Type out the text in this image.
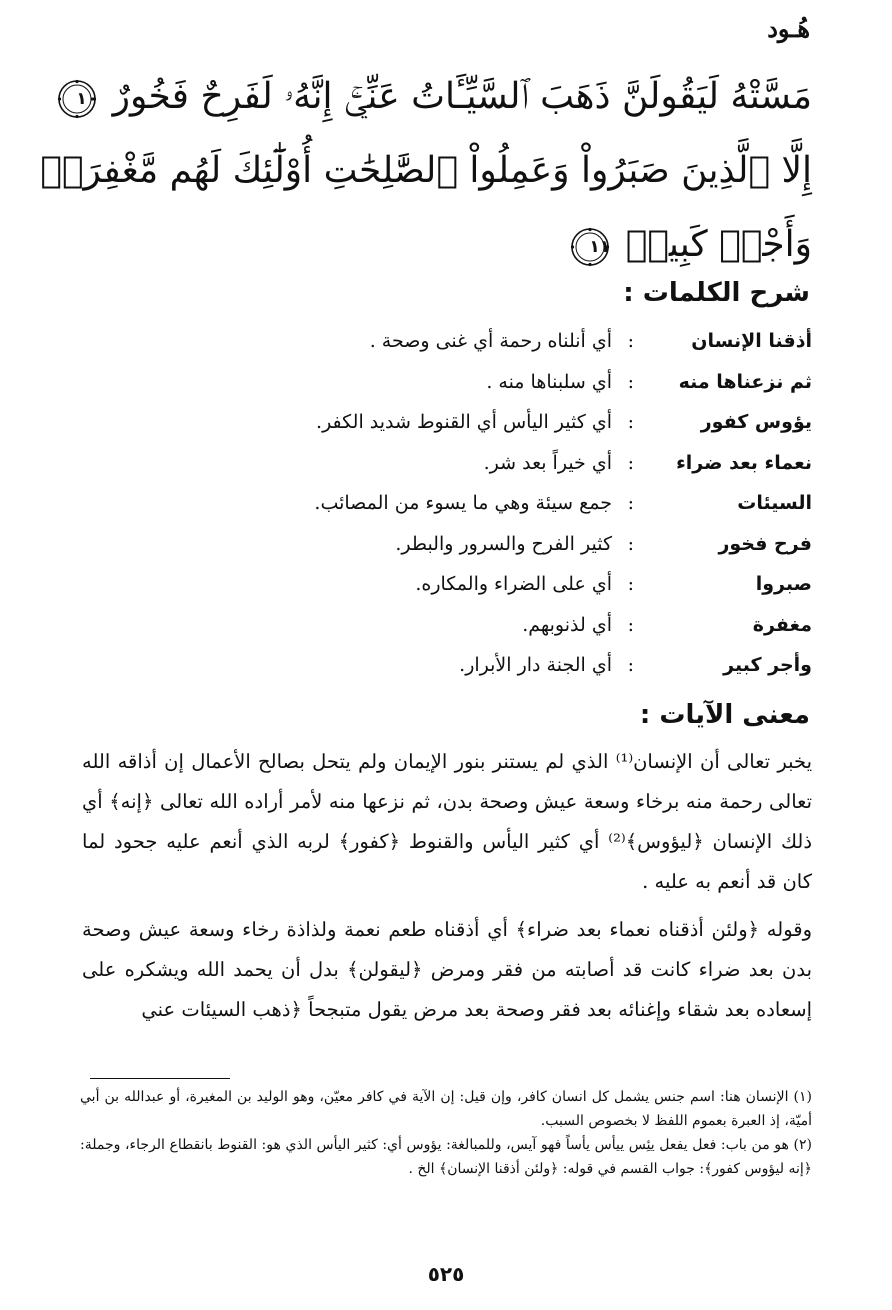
هُـود
مَسَّتْهُ لَيَقُولَنَّ ذَهَبَ ٱلسَّيِّـَٔاتُ عَنِّيٓۚ إِنَّهُۥ لَفَرِحٌ فَخُورٌ
١٠
إِلَّا ٱلَّذِينَ صَبَرُواْ وَعَمِلُواْ ٱلصَّٰلِحَٰتِ أُوْلَٰٓئِكَ لَهُم مَّغْفِرَةٞ
وَأَجْرٞ كَبِيرٞ
١١
شرح الكلمات :
أذقنا الإنسان
:
أي أنلناه رحمة أي غنى وصحة .
ثم نزعناها منه
:
أي سلبناها منه .
يؤوس كفور
:
أي كثير اليأس أي القنوط شديد الكفر.
نعماء بعد ضراء
:
أي خيراً بعد شر.
السيئات
:
جمع سيئة وهي ما يسوء من المصائب.
فرح فخور
:
كثير الفرح والسرور والبطر.
صبروا
:
أي على الضراء والمكاره.
مغفرة
:
أي لذنوبهم.
وأجر كبير
:
أي الجنة دار الأبرار.
معنى الآيات :

يخبر تعالى أن الإنسان⁽¹⁾ الذي لم يستنر بنور الإيمان ولم يتحل بصالح الأعمال إن أذاقه الله تعالى رحمة منه برخاء وسعة عيش وصحة بدن، ثم نزعها منه لأمر أراده الله تعالى ﴿إنه﴾ أي ذلك الإنسان ﴿ليؤوس﴾⁽²⁾ أي كثير اليأس والقنوط ﴿كفور﴾ لربه الذي أنعم عليه جحود لما كان قد أنعم به عليه .

وقوله ﴿ولئن أذقناه نعماء بعد ضراء﴾ أي أذقناه طعم نعمة ولذاذة رخاء وسعة عيش وصحة بدن بعد ضراء كانت قد أصابته من فقر ومرض ﴿ليقولن﴾ بدل أن يحمد الله ويشكره على إسعاده بعد شقاء وإغنائه بعد فقر وصحة بعد مرض يقول متبجحاً ﴿ذهب السيئات عني

(١) الإنسان هنا: اسم جنس يشمل كل انسان كافر، وإن قيل: إن الآية في كافر معيّن، وهو الوليد بن المغيرة، أو عبدالله بن أبي أميّة، إذ العبرة بعموم اللفظ لا بخصوص السبب.

(٢) هو من باب: فعل يفعل يئِس ييأس يأساً فهو آيس، وللمبالغة: يؤوس أي: كثير اليأس الذي هو: القنوط بانقطاع الرجاء، وجملة: ﴿إنه ليؤوس كفور﴾: جواب القسم في قوله: ﴿ولئن أذقنا الإنسان﴾ الخ .

٥٢٥
